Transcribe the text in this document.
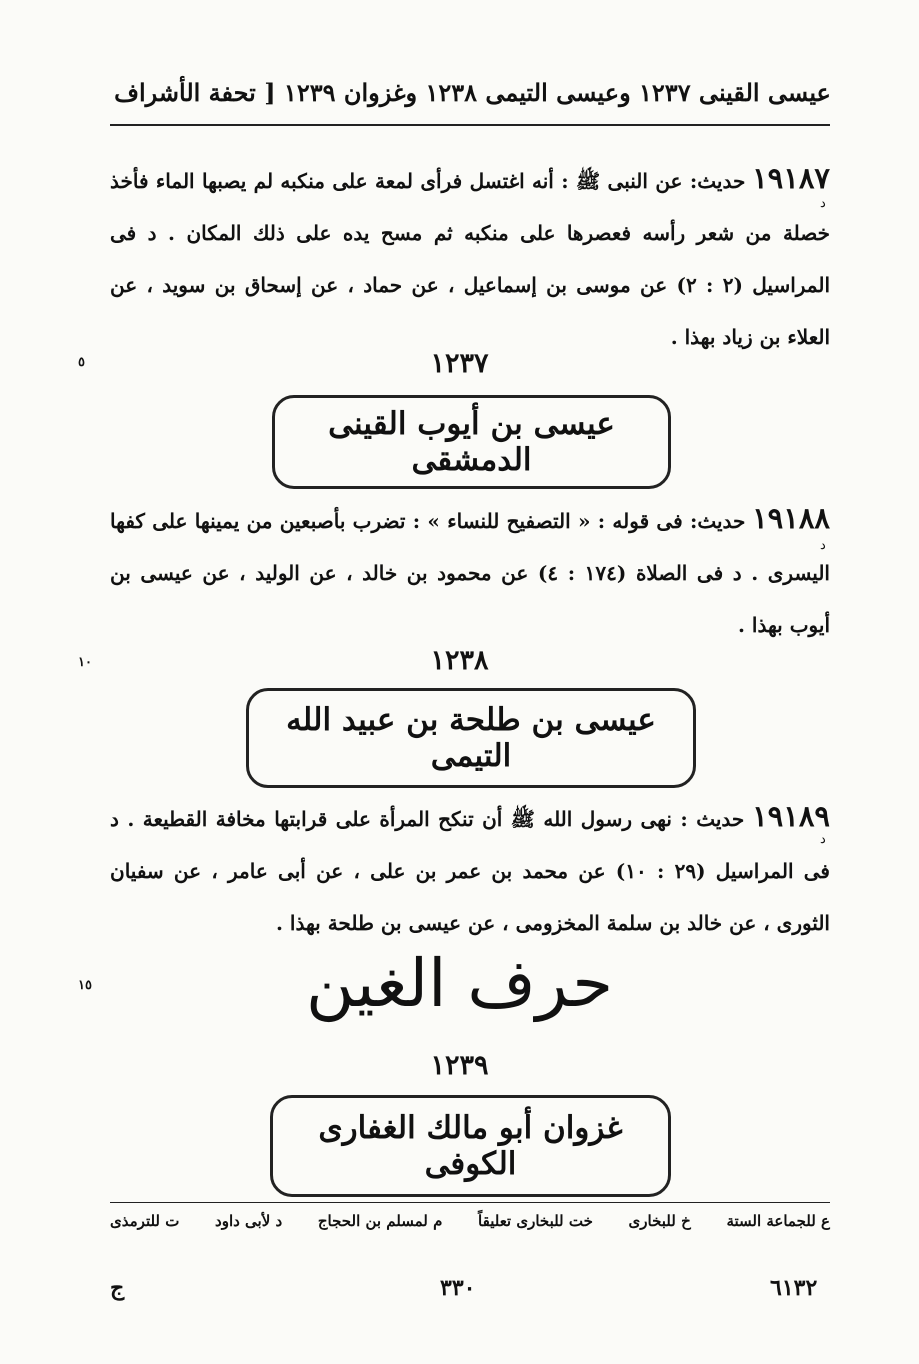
عيسى القينى ١٢٣٧ وعيسى التيمى ١٢٣٨ وغزوان ١٢٣٩ [ تحفة الأشراف
١٩١٨٧ حديث: عن النبى ﷺ : أنه اغتسل فرأى لمعة على منكبه لم يصبها الماء فأخذ خصلة من شعر رأسه فعصرها على منكبه ثم مسح يده على ذلك المكان . د فى المراسيل (٢ : ٢) عن موسى بن إسماعيل ، عن حماد ، عن إسحاق بن سويد ، عن العلاء بن زياد بهذا .
د
٥	١٢٣٧
عيسى بن أيوب القينى الدمشقى
١٩١٨٨ حديث: فى قوله : « التصفيح للنساء » : تضرب بأصبعين من يمينها على كفها اليسرى . د فى الصلاة (١٧٤ : ٤) عن محمود بن خالد ، عن الوليد ، عن عيسى بن أيوب بهذا .
د
١٠	١٢٣٨
عيسى بن طلحة بن عبيد الله التيمى
١٩١٨٩ حديث : نهى رسول الله ﷺ أن تنكح المرأة على قرابتها مخافة القطيعة . د فى المراسيل (٢٩ : ١٠) عن محمد بن عمر بن على ، عن أبى عامر ، عن سفيان الثورى ، عن خالد بن سلمة المخزومى ، عن عيسى بن طلحة بهذا .
د
١٥	حرف الغين
١٢٣٩
غزوان أبو مالك الغفارى الكوفى
ع للجماعة الستة
خ للبخارى
خت للبخارى تعليقاً
م لمسلم بن الحجاج
د لأبى داود
ت للترمذى
٦١٣٢
٣٣٠
ج
